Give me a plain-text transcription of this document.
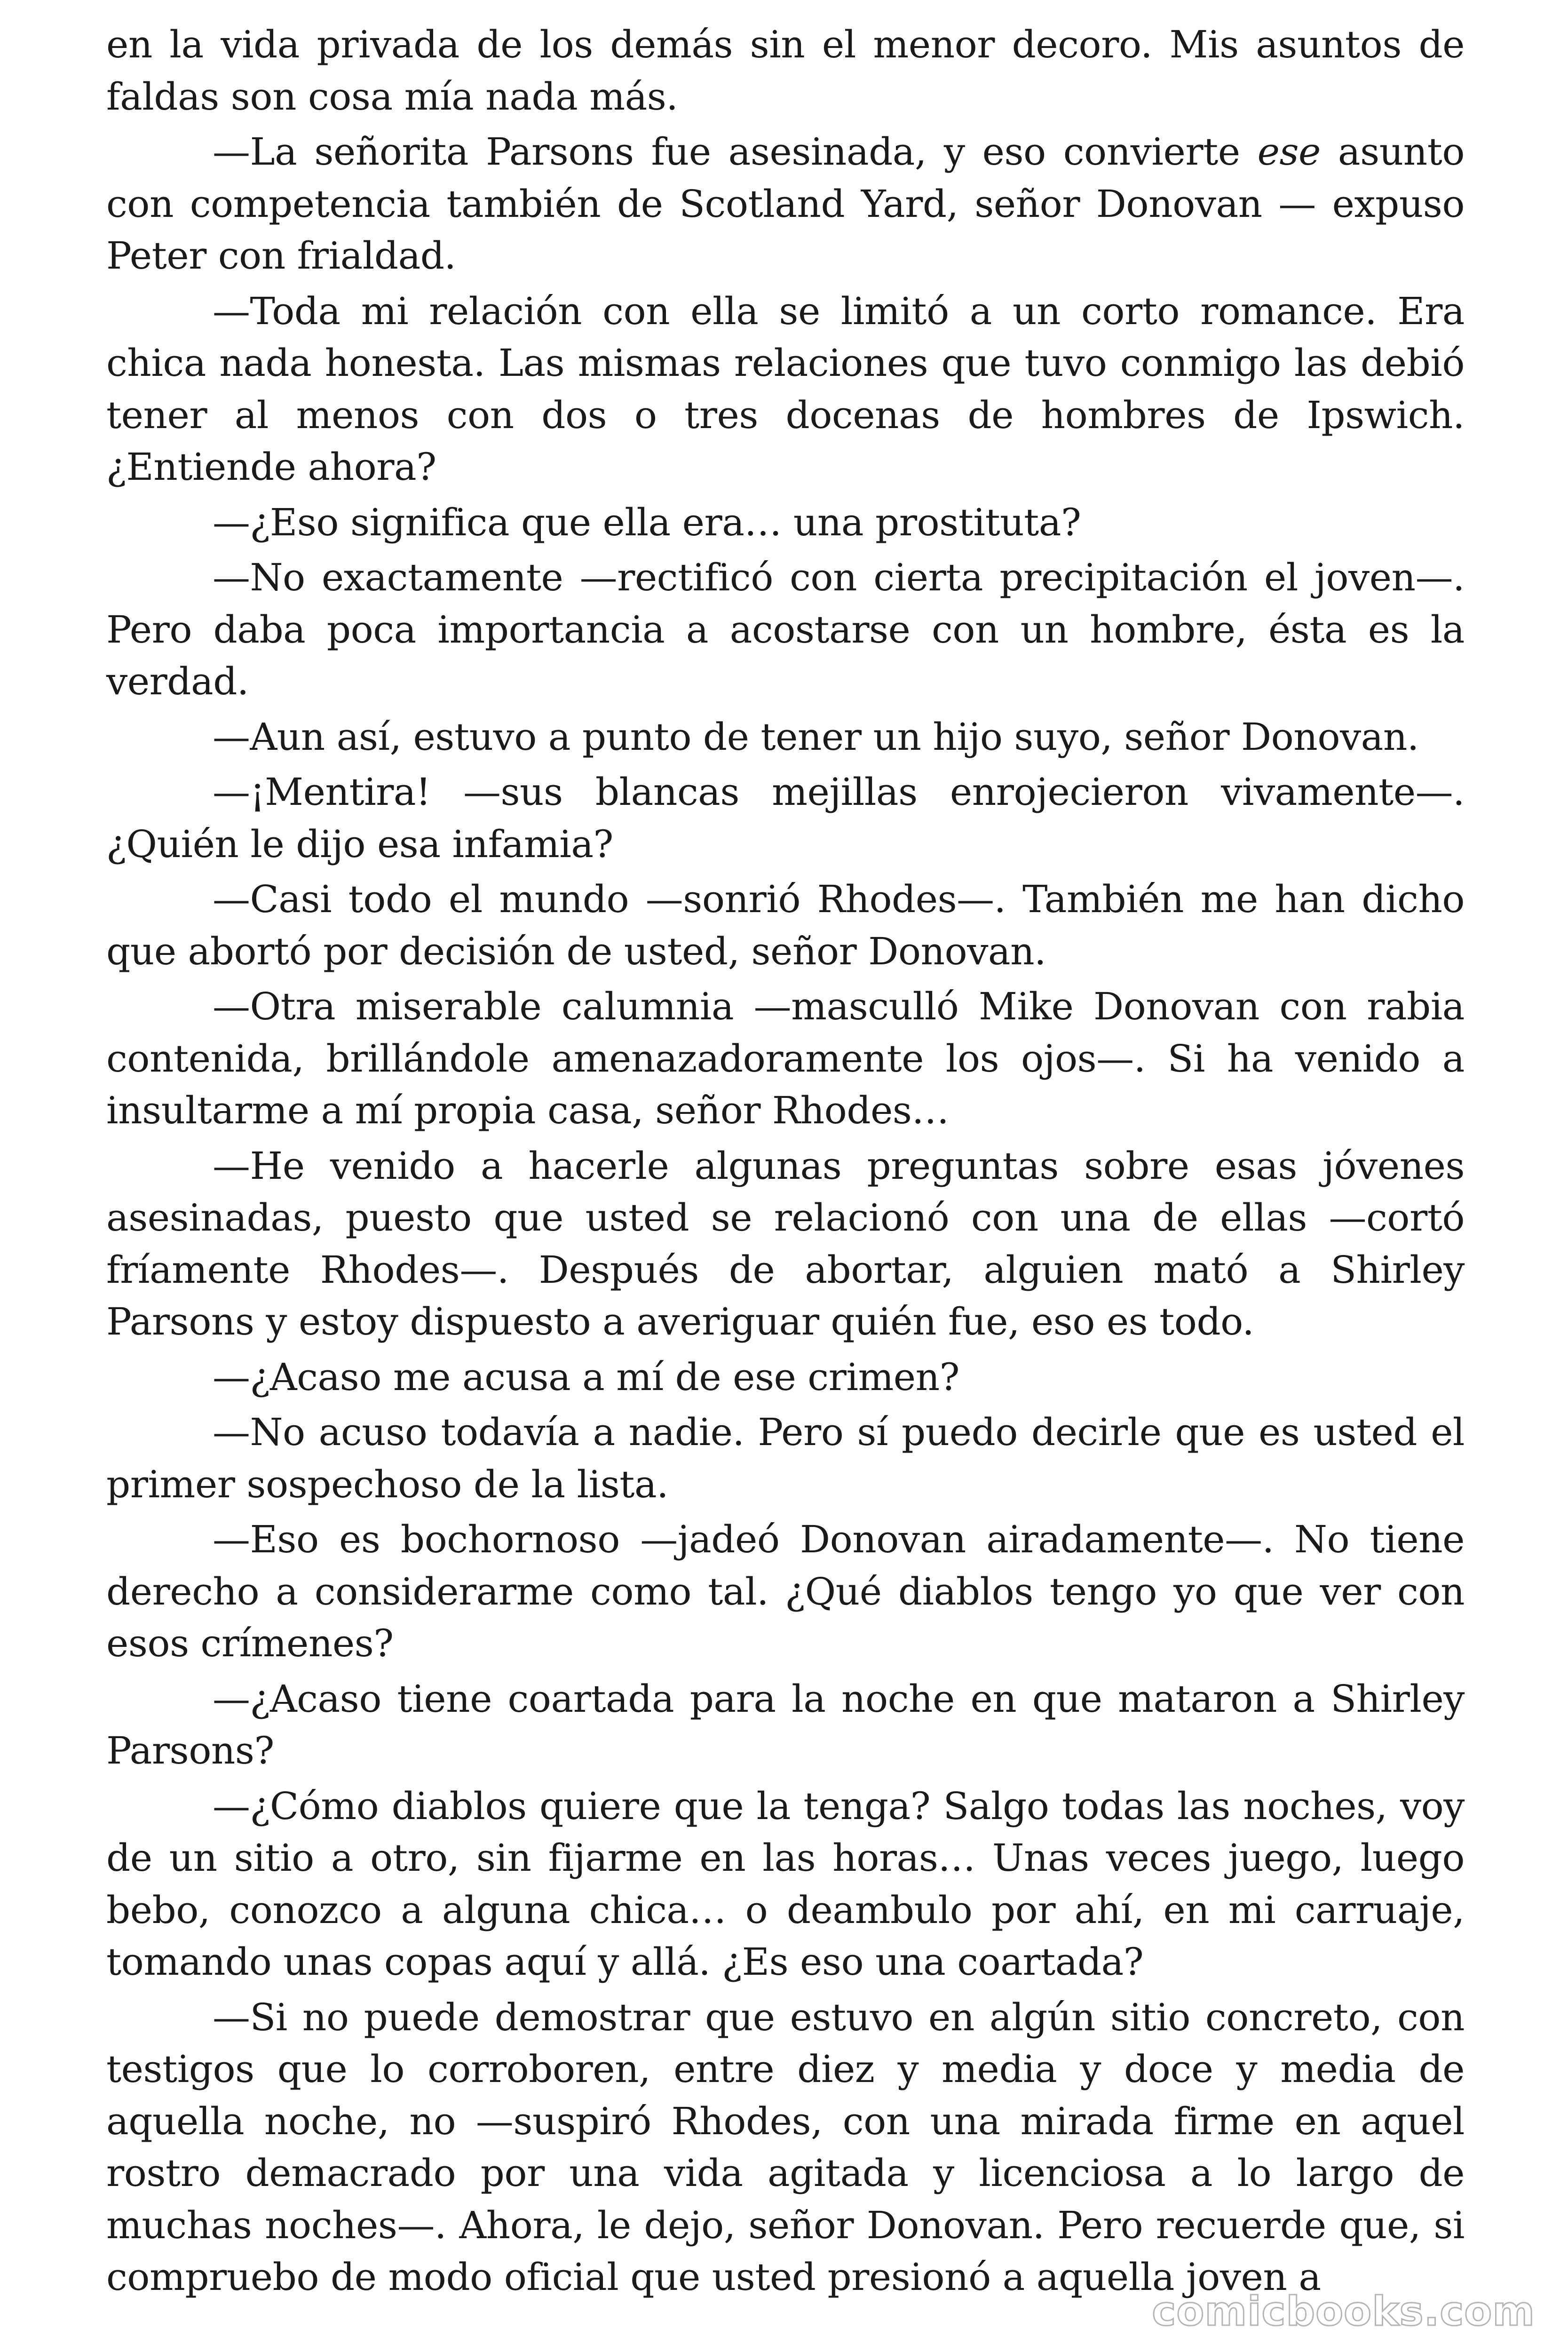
en la vida privada de los demás sin el menor decoro. Mis asuntos de faldas son cosa mía nada más.

—La señorita Parsons fue asesinada, y eso convierte ese asunto con competencia también de Scotland Yard, señor Donovan — expuso Peter con frialdad.

—Toda mi relación con ella se limitó a un corto romance. Era chica nada honesta. Las mismas relaciones que tuvo conmigo las debió tener al menos con dos o tres docenas de hombres de Ipswich. ¿Entiende ahora?

—¿Eso significa que ella era… una prostituta?

—No exactamente —rectificó con cierta precipitación el joven—. Pero daba poca importancia a acostarse con un hombre, ésta es la verdad.

—Aun así, estuvo a punto de tener un hijo suyo, señor Donovan.

—¡Mentira! —sus blancas mejillas enrojecieron vivamente—. ¿Quién le dijo esa infamia?

—Casi todo el mundo —sonrió Rhodes—. También me han dicho que abortó por decisión de usted, señor Donovan.

—Otra miserable calumnia —masculló Mike Donovan con rabia contenida, brillándole amenazadoramente los ojos—. Si ha venido a insultarme a mí propia casa, señor Rhodes…

—He venido a hacerle algunas preguntas sobre esas jóvenes asesinadas, puesto que usted se relacionó con una de ellas —cortó fríamente Rhodes—. Después de abortar, alguien mató a Shirley Parsons y estoy dispuesto a averiguar quién fue, eso es todo.

—¿Acaso me acusa a mí de ese crimen?

—No acuso todavía a nadie. Pero sí puedo decirle que es usted el primer sospechoso de la lista.

—Eso es bochornoso —jadeó Donovan airadamente—. No tiene derecho a considerarme como tal. ¿Qué diablos tengo yo que ver con esos crímenes?

—¿Acaso tiene coartada para la noche en que mataron a Shirley Parsons?

—¿Cómo diablos quiere que la tenga? Salgo todas las noches, voy de un sitio a otro, sin fijarme en las horas… Unas veces juego, luego bebo, conozco a alguna chica… o deambulo por ahí, en mi carruaje, tomando unas copas aquí y allá. ¿Es eso una coartada?

—Si no puede demostrar que estuvo en algún sitio concreto, con testigos que lo corroboren, entre diez y media y doce y media de aquella noche, no —suspiró Rhodes, con una mirada firme en aquel rostro demacrado por una vida agitada y licenciosa a lo largo de muchas noches—. Ahora, le dejo, señor Donovan. Pero recuerde que, si compruebo de modo oficial que usted presionó a aquella joven a

comicbooks.com
